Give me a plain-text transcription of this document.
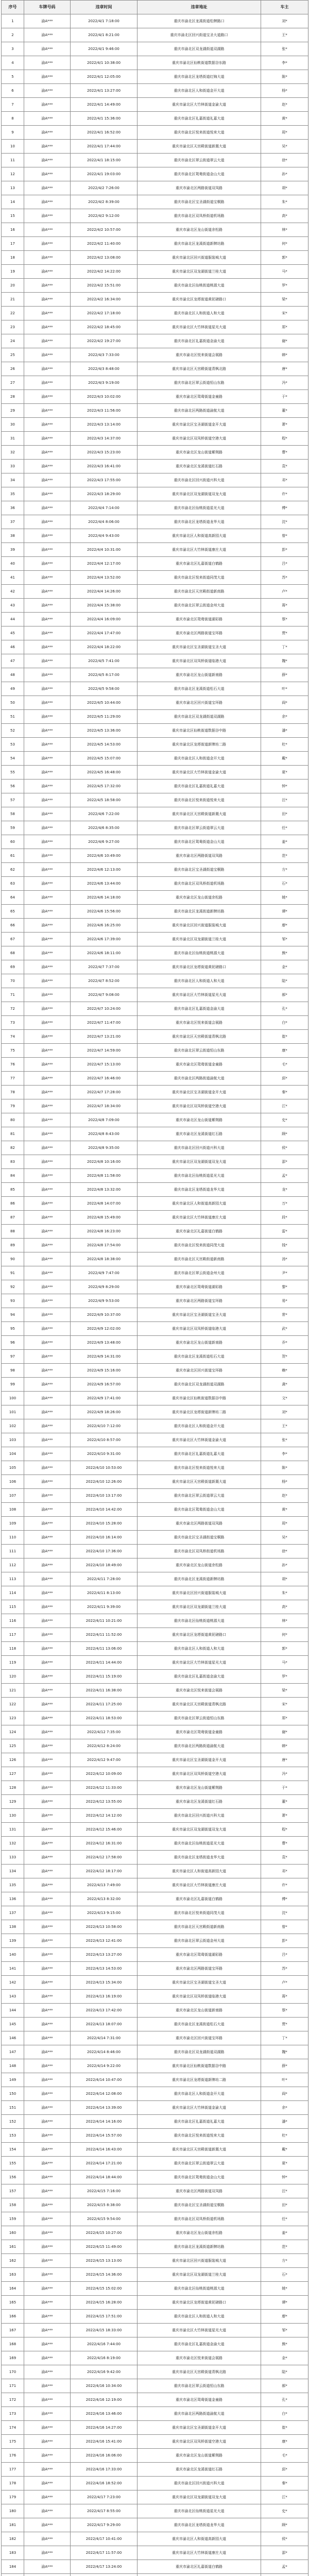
序号	车牌号码	违章时间	违章地址	车主
1	渝A***	2022/4/1 7:18:00	重庆市渝北区龙溪街道松牌路口	刘*
2	渝A***	2022/4/1 8:21:00	重庆市渝北区回兴街道宝圣大道路口	王*
3	渝A***	2022/4/1 9:46:00	重庆市渝北区双龙湖街道双湖路	张*
4	渝A***	2022/4/1 10:38:00	重庆市渝北区仙桃街道数据谷东路	李*
5	渝A***	2022/4/1 12:05:00	重庆市渝北区龙塔街道红锦大道	陈*
6	渝A***	2022/4/1 13:27:00	重庆市渝北区人和街道金开大道	杨*
7	渝A***	2022/4/1 14:49:00	重庆市渝北区大竹林街道金渝大道	赵*
8	渝A***	2022/4/1 15:36:00	重庆市渝北区礼嘉街道礼嘉大道	黄*
9	渝A***	2022/4/1 16:52:00	重庆市渝北区悦来街道悦来大道	周*
10	渝A***	2022/4/1 17:44:00	重庆市渝北区天宫殿街道新溉大道	吴*
11	渝A***	2022/4/1 18:15:00	重庆市渝北区翠云街道翠云大道	徐*
12	渝A***	2022/4/1 19:03:00	重庆市渝北区鸳鸯街道金山大道	孙*
13	渝A***	2022/4/2 7:26:00	重庆市渝北区两路街道双凤路	胡*
14	渝A***	2022/4/2 8:39:00	重庆市渝北区宝圣湖街道宝桐路	朱*
15	渝A***	2022/4/2 9:12:00	重庆市渝北区双凤桥街道机场路	高*
16	渝A***	2022/4/2 10:57:00	重庆市渝北区龙山街道余松路	林*
17	渝A***	2022/4/2 11:40:00	重庆市渝北区龙溪街道新牌坊路	何*
18	渝A***	2022/4/2 13:08:00	重庆市渝北区回兴街道服装城大道	郭*
19	渝A***	2022/4/2 14:22:00	重庆市渝北区双龙湖街道兰桂大道	马*
20	渝A***	2022/4/2 15:51:00	重庆市渝北区仙桃街道桃源大道	罗*
21	渝A***	2022/4/2 16:34:00	重庆市渝北区龙塔街道黄泥磅路口	梁*
22	渝A***	2022/4/2 17:18:00	重庆市渝北区人和街道人和大道	宋*
23	渝A***	2022/4/2 18:45:00	重庆市渝北区大竹林街道星光大道	郑*
24	渝A***	2022/4/2 19:27:00	重庆市渝北区礼嘉街道金渝大道	谢*
25	渝A***	2022/4/3 7:33:00	重庆市渝北区悦来街道会展路	韩*
26	渝A***	2022/4/3 8:48:00	重庆市渝北区天宫殿街道青枫北路	唐*
27	渝A***	2022/4/3 9:19:00	重庆市渝北区翠云街道恒山东路	冯*
28	渝A***	2022/4/3 10:02:00	重庆市渝北区鸳鸯街道金童路	于*
29	渝A***	2022/4/3 11:56:00	重庆市渝北区两路街道渝航大道	董*
30	渝A***	2022/4/3 13:14:00	重庆市渝北区宝圣湖街道金开大道	萧*
31	渝A***	2022/4/3 14:37:00	重庆市渝北区双凤桥街道空港大道	程*
32	渝A***	2022/4/3 15:23:00	重庆市渝北区龙山街道紫荆路	曹*
33	渝A***	2022/4/3 16:41:00	重庆市渝北区龙溪街道红石路	袁*
34	渝A***	2022/4/3 17:55:00	重庆市渝北区回兴街道兴科大道	邓*
35	渝A***	2022/4/3 18:29:00	重庆市渝北区双龙湖街道双龙大道	许*
36	渝A***	2022/4/4 7:14:00	重庆市渝北区仙桃街道星光大道	傅*
37	渝A***	2022/4/4 8:06:00	重庆市渝北区龙塔街道龙华大道	沈*
38	渝A***	2022/4/4 9:43:00	重庆市渝北区人和街道高新园大道	曾*
39	渝A***	2022/4/4 10:31:00	重庆市渝北区大竹林街道康庄大道	彭*
40	渝A***	2022/4/4 12:17:00	重庆市渝北区礼嘉街道白鹤路	吕*
41	渝A***	2022/4/4 13:52:00	重庆市渝北区悦来街道同茂大道	苏*
42	渝A***	2022/4/4 14:26:00	重庆市渝北区天宫殿街道新南路	卢*
43	渝A***	2022/4/4 15:38:00	重庆市渝北区翠云街道金州大道	蒋*
44	渝A***	2022/4/4 16:09:00	重庆市渝北区鸳鸯街道湖彩路	蔡*
45	渝A***	2022/4/4 17:47:00	重庆市渝北区两路街道宝环路	贾*
46	渝A***	2022/4/4 18:22:00	重庆市渝北区宝圣湖街道宝圣大道	丁*
47	渝A***	2022/4/5 7:41:00	重庆市渝北区双凤桥街道临港大道	魏*
48	渝A***	2022/4/5 8:17:00	重庆市渝北区龙山街道新南路	薛*
49	渝A***	2022/4/5 9:58:00	重庆市渝北区龙溪街道松石大道	叶*
50	渝A***	2022/4/5 10:44:00	重庆市渝北区回兴街道宝环路	阎*
51	渝A***	2022/4/5 11:29:00	重庆市渝北区双龙湖街道双湖路	余*
52	渝A***	2022/4/5 13:36:00	重庆市渝北区仙桃街道数据谷中路	潘*
53	渝A***	2022/4/5 14:53:00	重庆市渝北区龙塔街道新牌坊二路	杜*
54	渝A***	2022/4/5 15:07:00	重庆市渝北区人和街道金开大道	戴*
55	渝A***	2022/4/5 16:48:00	重庆市渝北区大竹林街道金渝大道	夏*
56	渝A***	2022/4/5 17:32:00	重庆市渝北区礼嘉街道礼嘉大道	钟*
57	渝A***	2022/4/5 18:58:00	重庆市渝北区悦来街道悦来大道	汪*
58	渝A***	2022/4/6 7:22:00	重庆市渝北区天宫殿街道新溉大道	田*
59	渝A***	2022/4/6 8:35:00	重庆市渝北区翠云街道翠云大道	任*
60	渝A***	2022/4/6 9:27:00	重庆市渝北区鸳鸯街道金山大道	姜*
61	渝A***	2022/4/6 10:49:00	重庆市渝北区两路街道双凤路	范*
62	渝A***	2022/4/6 12:13:00	重庆市渝北区宝圣湖街道宝桐路	方*
63	渝A***	2022/4/6 13:44:00	重庆市渝北区双凤桥街道机场路	石*
64	渝A***	2022/4/6 14:18:00	重庆市渝北区龙山街道余松路	姚*
65	渝A***	2022/4/6 15:56:00	重庆市渝北区龙溪街道新牌坊路	谭*
66	渝A***	2022/4/6 16:25:00	重庆市渝北区回兴街道服装城大道	廖*
67	渝A***	2022/4/6 17:39:00	重庆市渝北区双龙湖街道兰桂大道	邹*
68	渝A***	2022/4/6 18:11:00	重庆市渝北区仙桃街道桃源大道	熊*
69	渝A***	2022/4/7 7:37:00	重庆市渝北区龙塔街道黄泥磅路口	金*
70	渝A***	2022/4/7 8:52:00	重庆市渝北区人和街道人和大道	陆*
71	渝A***	2022/4/7 9:08:00	重庆市渝北区大竹林街道星光大道	郝*
72	渝A***	2022/4/7 10:24:00	重庆市渝北区礼嘉街道金渝大道	孔*
73	渝A***	2022/4/7 11:47:00	重庆市渝北区悦来街道会展路	白*
74	渝A***	2022/4/7 13:21:00	重庆市渝北区天宫殿街道青枫北路	崔*
75	渝A***	2022/4/7 14:59:00	重庆市渝北区翠云街道恒山东路	康*
76	渝A***	2022/4/7 15:13:00	重庆市渝北区鸳鸯街道金童路	毛*
77	渝A***	2022/4/7 16:46:00	重庆市渝北区两路街道渝航大道	邱*
78	渝A***	2022/4/7 17:28:00	重庆市渝北区宝圣湖街道金开大道	秦*
79	渝A***	2022/4/7 18:34:00	重庆市渝北区双凤桥街道空港大道	江*
80	渝A***	2022/4/8 7:09:00	重庆市渝北区龙山街道紫荆路	史*
81	渝A***	2022/4/8 8:43:00	重庆市渝北区龙溪街道红石路	顾*
82	渝A***	2022/4/8 9:35:00	重庆市渝北区回兴街道兴科大道	侯*
83	渝A***	2022/4/8 10:16:00	重庆市渝北区双龙湖街道双龙大道	邵*
84	渝A***	2022/4/8 11:58:00	重庆市渝北区仙桃街道星光大道	孟*
85	渝A***	2022/4/8 13:32:00	重庆市渝北区龙塔街道龙华大道	龙*
86	渝A***	2022/4/8 14:07:00	重庆市渝北区人和街道高新园大道	万*
87	渝A***	2022/4/8 15:49:00	重庆市渝北区大竹林街道康庄大道	段*
88	渝A***	2022/4/8 16:23:00	重庆市渝北区礼嘉街道白鹤路	雷*
89	渝A***	2022/4/8 17:54:00	重庆市渝北区悦来街道同茂大道	钱*
90	渝A***	2022/4/8 18:38:00	重庆市渝北区天宫殿街道新南路	汤*
91	渝A***	2022/4/9 7:47:00	重庆市渝北区翠云街道金州大道	尹*
92	渝A***	2022/4/9 8:29:00	重庆市渝北区鸳鸯街道湖彩路	黎*
93	渝A***	2022/4/9 9:53:00	重庆市渝北区两路街道宝环路	易*
94	渝A***	2022/4/9 10:37:00	重庆市渝北区宝圣湖街道宝圣大道	常*
95	渝A***	2022/4/9 12:02:00	重庆市渝北区双凤桥街道临港大道	武*
96	渝A***	2022/4/9 13:48:00	重庆市渝北区龙山街道新南路	乔*
97	渝A***	2022/4/9 14:31:00	重庆市渝北区龙溪街道松石大道	贺*
98	渝A***	2022/4/9 15:16:00	重庆市渝北区回兴街道宝环路	赖*
99	渝A***	2022/4/9 16:57:00	重庆市渝北区双龙湖街道双湖路	龚*
100	渝A***	2022/4/9 17:41:00	重庆市渝北区仙桃街道数据谷中路	文*
101	渝A***	2022/4/9 18:26:00	重庆市渝北区龙塔街道新牌坊二路	刘*
102	渝A***	2022/4/10 7:12:00	重庆市渝北区人和街道金开大道	王*
103	渝A***	2022/4/10 8:57:00	重庆市渝北区大竹林街道金渝大道	张*
104	渝A***	2022/4/10 9:31:00	重庆市渝北区礼嘉街道礼嘉大道	李*
105	渝A***	2022/4/10 10:53:00	重庆市渝北区悦来街道悦来大道	陈*
106	渝A***	2022/4/10 12:26:00	重庆市渝北区天宫殿街道新溉大道	杨*
107	渝A***	2022/4/10 13:17:00	重庆市渝北区翠云街道翠云大道	赵*
108	渝A***	2022/4/10 14:42:00	重庆市渝北区鸳鸯街道金山大道	黄*
109	渝A***	2022/4/10 15:28:00	重庆市渝北区两路街道双凤路	周*
110	渝A***	2022/4/10 16:14:00	重庆市渝北区宝圣湖街道宝桐路	吴*
111	渝A***	2022/4/10 17:36:00	重庆市渝北区双凤桥街道机场路	徐*
112	渝A***	2022/4/10 18:49:00	重庆市渝北区龙山街道余松路	孙*
113	渝A***	2022/4/11 7:28:00	重庆市渝北区龙溪街道新牌坊路	胡*
114	渝A***	2022/4/11 8:13:00	重庆市渝北区回兴街道服装城大道	朱*
115	渝A***	2022/4/11 9:39:00	重庆市渝北区双龙湖街道兰桂大道	高*
116	渝A***	2022/4/11 10:21:00	重庆市渝北区仙桃街道桃源大道	林*
117	渝A***	2022/4/11 11:52:00	重庆市渝北区龙塔街道黄泥磅路口	何*
118	渝A***	2022/4/11 13:06:00	重庆市渝北区人和街道人和大道	郭*
119	渝A***	2022/4/11 14:44:00	重庆市渝北区大竹林街道星光大道	马*
120	渝A***	2022/4/11 15:19:00	重庆市渝北区礼嘉街道金渝大道	罗*
121	渝A***	2022/4/11 16:38:00	重庆市渝北区悦来街道会展路	梁*
122	渝A***	2022/4/11 17:25:00	重庆市渝北区天宫殿街道青枫北路	宋*
123	渝A***	2022/4/11 18:53:00	重庆市渝北区翠云街道恒山东路	郑*
124	渝A***	2022/4/12 7:35:00	重庆市渝北区鸳鸯街道金童路	谢*
125	渝A***	2022/4/12 8:24:00	重庆市渝北区两路街道渝航大道	韩*
126	渝A***	2022/4/12 9:47:00	重庆市渝北区宝圣湖街道金开大道	唐*
127	渝A***	2022/4/12 10:09:00	重庆市渝北区双凤桥街道空港大道	冯*
128	渝A***	2022/4/12 11:33:00	重庆市渝北区龙山街道紫荆路	于*
129	渝A***	2022/4/12 13:55:00	重庆市渝北区龙溪街道红石路	董*
130	渝A***	2022/4/12 14:12:00	重庆市渝北区回兴街道兴科大道	萧*
131	渝A***	2022/4/12 15:46:00	重庆市渝北区双龙湖街道双龙大道	程*
132	渝A***	2022/4/12 16:31:00	重庆市渝北区仙桃街道星光大道	曹*
133	渝A***	2022/4/12 17:58:00	重庆市渝北区龙塔街道龙华大道	袁*
134	渝A***	2022/4/12 18:17:00	重庆市渝北区人和街道高新园大道	邓*
135	渝A***	2022/4/13 7:49:00	重庆市渝北区大竹林街道康庄大道	许*
136	渝A***	2022/4/13 8:32:00	重庆市渝北区礼嘉街道白鹤路	傅*
137	渝A***	2022/4/13 9:15:00	重庆市渝北区悦来街道同茂大道	沈*
138	渝A***	2022/4/13 10:58:00	重庆市渝北区天宫殿街道新南路	曾*
139	渝A***	2022/4/13 12:41:00	重庆市渝北区翠云街道金州大道	彭*
140	渝A***	2022/4/13 13:27:00	重庆市渝北区鸳鸯街道湖彩路	吕*
141	渝A***	2022/4/13 14:53:00	重庆市渝北区两路街道宝环路	苏*
142	渝A***	2022/4/13 15:34:00	重庆市渝北区宝圣湖街道宝圣大道	卢*
143	渝A***	2022/4/13 16:19:00	重庆市渝北区双凤桥街道临港大道	蒋*
144	渝A***	2022/4/13 17:42:00	重庆市渝北区龙山街道新南路	蔡*
145	渝A***	2022/4/13 18:07:00	重庆市渝北区龙溪街道松石大道	贾*
146	渝A***	2022/4/14 7:31:00	重庆市渝北区回兴街道宝环路	丁*
147	渝A***	2022/4/14 8:46:00	重庆市渝北区双龙湖街道双湖路	魏*
148	渝A***	2022/4/14 9:22:00	重庆市渝北区仙桃街道数据谷中路	薛*
149	渝A***	2022/4/14 10:47:00	重庆市渝北区龙塔街道新牌坊二路	叶*
150	渝A***	2022/4/14 12:08:00	重庆市渝北区人和街道金开大道	阎*
151	渝A***	2022/4/14 13:39:00	重庆市渝北区大竹林街道金渝大道	余*
152	渝A***	2022/4/14 14:16:00	重庆市渝北区礼嘉街道礼嘉大道	潘*
153	渝A***	2022/4/14 15:57:00	重庆市渝北区悦来街道悦来大道	杜*
154	渝A***	2022/4/14 16:43:00	重庆市渝北区天宫殿街道新溉大道	戴*
155	渝A***	2022/4/14 17:21:00	重庆市渝北区翠云街道翠云大道	夏*
156	渝A***	2022/4/14 18:44:00	重庆市渝北区鸳鸯街道金山大道	钟*
157	渝A***	2022/4/15 7:16:00	重庆市渝北区两路街道双凤路	汪*
158	渝A***	2022/4/15 8:38:00	重庆市渝北区宝圣湖街道宝桐路	田*
159	渝A***	2022/4/15 9:54:00	重庆市渝北区双凤桥街道机场路	任*
160	渝A***	2022/4/15 10:27:00	重庆市渝北区龙山街道余松路	姜*
161	渝A***	2022/4/15 11:49:00	重庆市渝北区龙溪街道新牌坊路	范*
162	渝A***	2022/4/15 13:13:00	重庆市渝北区回兴街道服装城大道	方*
163	渝A***	2022/4/15 14:36:00	重庆市渝北区双龙湖街道兰桂大道	石*
164	渝A***	2022/4/15 15:02:00	重庆市渝北区仙桃街道桃源大道	姚*
165	渝A***	2022/4/15 16:28:00	重庆市渝北区龙塔街道黄泥磅路口	谭*
166	渝A***	2022/4/15 17:51:00	重庆市渝北区人和街道人和大道	廖*
167	渝A***	2022/4/15 18:33:00	重庆市渝北区大竹林街道星光大道	邹*
168	渝A***	2022/4/16 7:44:00	重庆市渝北区礼嘉街道金渝大道	熊*
169	渝A***	2022/4/16 8:19:00	重庆市渝北区悦来街道会展路	金*
170	渝A***	2022/4/16 9:42:00	重庆市渝北区天宫殿街道青枫北路	陆*
171	渝A***	2022/4/16 10:34:00	重庆市渝北区翠云街道恒山东路	郝*
172	渝A***	2022/4/16 12:19:00	重庆市渝北区鸳鸯街道金童路	孔*
173	渝A***	2022/4/16 13:46:00	重庆市渝北区两路街道渝航大道	白*
174	渝A***	2022/4/16 14:27:00	重庆市渝北区宝圣湖街道金开大道	崔*
175	渝A***	2022/4/16 15:41:00	重庆市渝北区双凤桥街道空港大道	康*
176	渝A***	2022/4/16 16:06:00	重庆市渝北区龙山街道紫荆路	毛*
177	渝A***	2022/4/16 17:33:00	重庆市渝北区龙溪街道红石路	邱*
178	渝A***	2022/4/16 18:52:00	重庆市渝北区回兴街道兴科大道	秦*
179	渝A***	2022/4/17 7:23:00	重庆市渝北区双龙湖街道双龙大道	江*
180	渝A***	2022/4/17 8:55:00	重庆市渝北区仙桃街道星光大道	史*
181	渝A***	2022/4/17 9:29:00	重庆市渝北区龙塔街道龙华大道	顾*
182	渝A***	2022/4/17 10:41:00	重庆市渝北区人和街道高新园大道	侯*
183	渝A***	2022/4/17 11:57:00	重庆市渝北区大竹林街道康庄大道	邵*
184	渝A***	2022/4/17 13:24:00	重庆市渝北区礼嘉街道白鹤路	孟*
